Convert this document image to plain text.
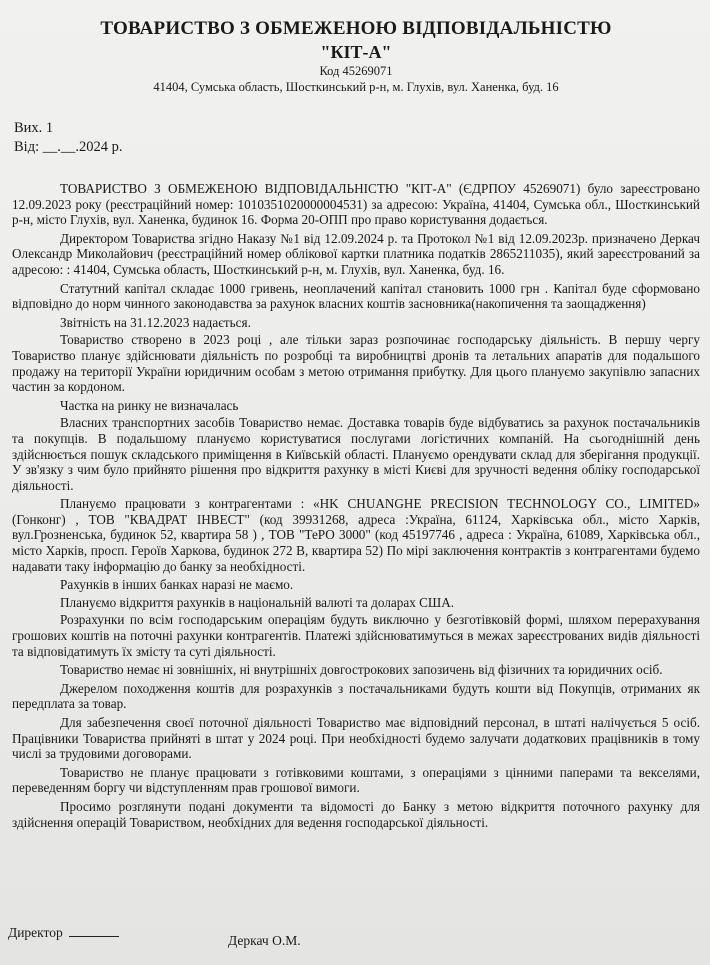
ТОВАРИСТВО З ОБМЕЖЕНОЮ ВІДПОВІДАЛЬНІСТЮ

"КІТ-А"

Код 45269071

41404, Сумська область, Шосткинський р-н, м. Глухів, вул. Ханенка, буд. 16

Вих. 1
Від: __.__.2024 р.

ТОВАРИСТВО З ОБМЕЖЕНОЮ ВІДПОВІДАЛЬНІСТЮ "КІТ-А" (ЄДРПОУ 45269071) було зареєстровано 12.09.2023 року (реєстраційний номер: 1010351020000004531) за адресою: Україна, 41404, Сумська обл., Шосткинський р-н, місто Глухів, вул. Ханенка, будинок 16. Форма 20-ОПП про право користування додається.

Директором Товариства згідно Наказу №1 від 12.09.2024 р. та Протокол №1 від 12.09.2023р. призначено Деркач Олександр Миколайович (реєстраційний номер облікової картки платника податків 2865211035), який зареєстрований за адресою: : 41404, Сумська область, Шосткинський р-н, м. Глухів, вул. Ханенка, буд. 16.

Статутний капітал складає 1000 гривень, неоплачений капітал становить 1000 грн . Капітал буде сформовано відповідно до норм чинного законодавства за рахунок власних коштів засновника(накопичення та заощадження)

Звітність на 31.12.2023 надається.

Товариство створено в 2023 році , але тільки зараз розпочинає господарську діяльність. В першу чергу Товариство планує здійснювати діяльність по розробці та виробництві дронів та летальних апаратів для подальшого продажу на території України юридичним особам з метою отримання прибутку. Для цього плануємо закупівлю запасних частин за кордоном.

Частка на ринку не визначалась

Власних транспортних засобів Товариство немає. Доставка товарів буде відбуватись за рахунок постачальників та покупців. В подальшому плануємо користуватися послугами логістичних компаній. На сьогоднішній день здійснюється пошук складського приміщення в Київській області. Плануємо орендувати склад для зберігання продукції. У зв'язку з чим було прийнято рішення про відкриття рахунку в місті Києві для зручності ведення обліку господарської діяльності.

Плануємо працювати з контрагентами : «HK CHUANGHE PRECISION TECHNOLOGY CO., LIMITED» (Гонконг) , ТОВ "КВАДРАТ ІНВЕСТ" (код 39931268, адреса :Україна, 61124, Харківська обл., місто Харків, вул.Грозненська, будинок 52, квартира 58 ) , ТОВ "ТеРО 3000" (код 45197746 , адреса : Україна, 61089, Харківська обл., місто Харків, просп. Героїв Харкова, будинок 272 В, квартира 52) По мірі заключення контрактів з контрагентами будемо надавати таку інформацію до банку за необхідності.

Рахунків в інших банках наразі не маємо.

Плануємо відкриття рахунків в національній валюті та доларах США.

Розрахунки по всім господарським операціям будуть виключно у безготівковій формі, шляхом перерахування грошових коштів на поточні рахунки контрагентів. Платежі здійснюватимуться в межах зареєстрованих видів діяльності та відповідатимуть їх змісту та суті діяльності.

Товариство немає ні зовнішніх, ні внутрішніх довгострокових запозичень від фізичних та юридичних осіб.

Джерелом походження коштів для розрахунків з постачальниками будуть кошти від Покупців, отриманих як передплата за товар.

Для забезпечення своєї поточної діяльності Товариство має відповідний персонал, в штаті налічується 5 осіб. Працівники Товариства прийняті в штат у 2024 році. При необхідності будемо залучати додаткових працівників в тому числі за трудовими договорами.

Товариство не планує працювати з готівковими коштами, з операціями з цінними паперами та векселями, переведенням боргу чи відступленням прав грошової вимоги.

Просимо розглянути подані документи та відомості до Банку з метою відкриття поточного рахунку для здійснення операцій Товариством, необхідних для ведення господарської діяльності.

Директор
Деркач О.М.
